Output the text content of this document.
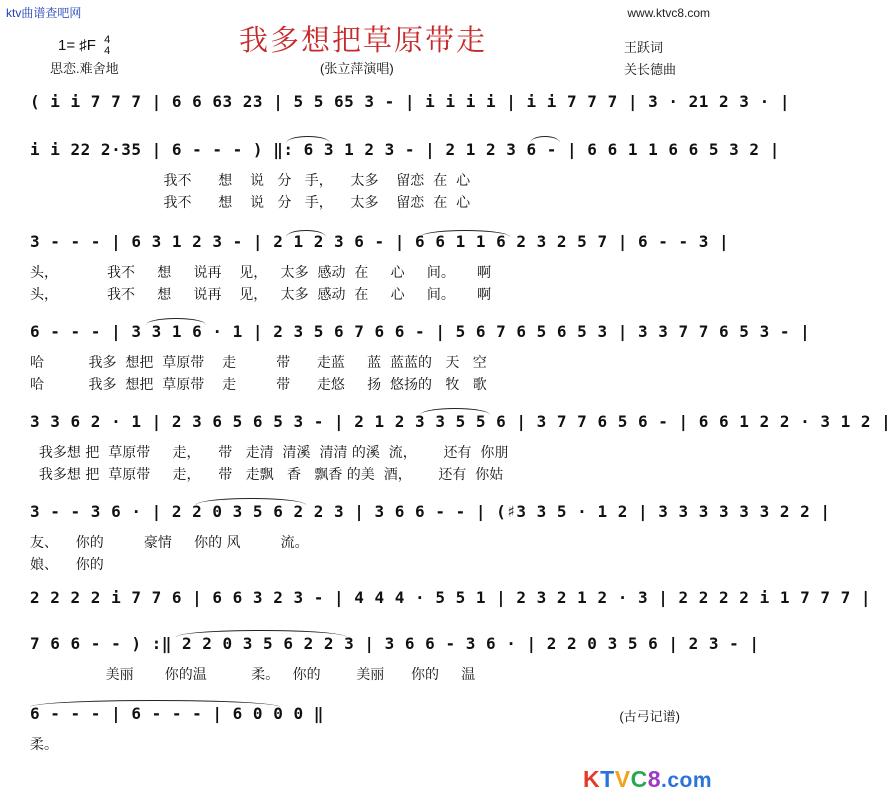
ktv曲谱查吧网	www.ktvc8.com
我多想把草原带走
1= ♯F 4
4
思恋.难舍地	(张立萍演唱)
王跃词
关长德曲
( i i 7 7 7 | 6 6 63 23 | 5 5 65 3 - | i i i i | i i 7 7 7 | 3 · 21 2 3 · |
i i 22 2·35 | 6 - - - ) ‖: 6 3 1 2 3 - | 2 1 2 3 6 - | 6 6 1 1 6 6 5 3 2 |
我不      想    说   分   手，    太多    留恋  在  心
我不      想    说   分   手，    太多    留恋  在  心
3 - - - | 6 3 1 2 3 - | 2 1 2 3 6 - | 6 6 1 1 6 2 3 2 5 7 | 6 - - 3 |
头，           我不     想     说再    见，   太多  感动  在     心     间。     啊
头，           我不     想     说再    见，   太多  感动  在     心     间。     啊
6 - - - | 3 3 1 6 · 1 | 2 3 5 6 7 6 6 - | 5 6 7 6 5 6 5 3 | 3 3 7 7 6 5 3 - |
哈          我多  想把  草原带    走         带      走蓝     蓝  蓝蓝的   天   空
哈          我多  想把  草原带    走         带      走悠     扬  悠扬的   牧   歌
3 3 6 2 · 1 | 2 3 6 5 6 5 3 - | 2 1 2 3 3 5 5 6 | 3 7 7 6 5 6 - | 6 6 1 2 2 · 3 1 2 |
我多想 把  草原带     走，    带   走清  清溪  清清 的溪  流，      还有  你朋
我多想 把  草原带     走，    带   走飘   香   飘香 的美  酒，      还有  你姑
3 - - 3 6 · | 2 2 0 3 5 6 2 2 3 | 3 6 6 - - | (♯3 3 5 · 1 2 | 3 3 3 3 3 3 2 2 |
友、    你的         豪情     你的 风         流。
娘、    你的
2 2 2 2 i 7 7 6 | 6 6 3 2 3 - | 4 4 4 · 5 5 1 | 2 3 2 1 2 · 3 | 2 2 2 2 i 1 7 7 7 |
7 6 6 - - ) :‖ 2 2 0 3 5 6 2 2 3 | 3 6 6 - 3 6 · | 2 2 0 3 5 6 | 2 3 - |
美丽       你的温          柔。   你的        美丽      你的     温
6 - - - | 6 - - - | 6 0 0 0 ‖
柔。
(古弓记谱)
KTVC8.com
